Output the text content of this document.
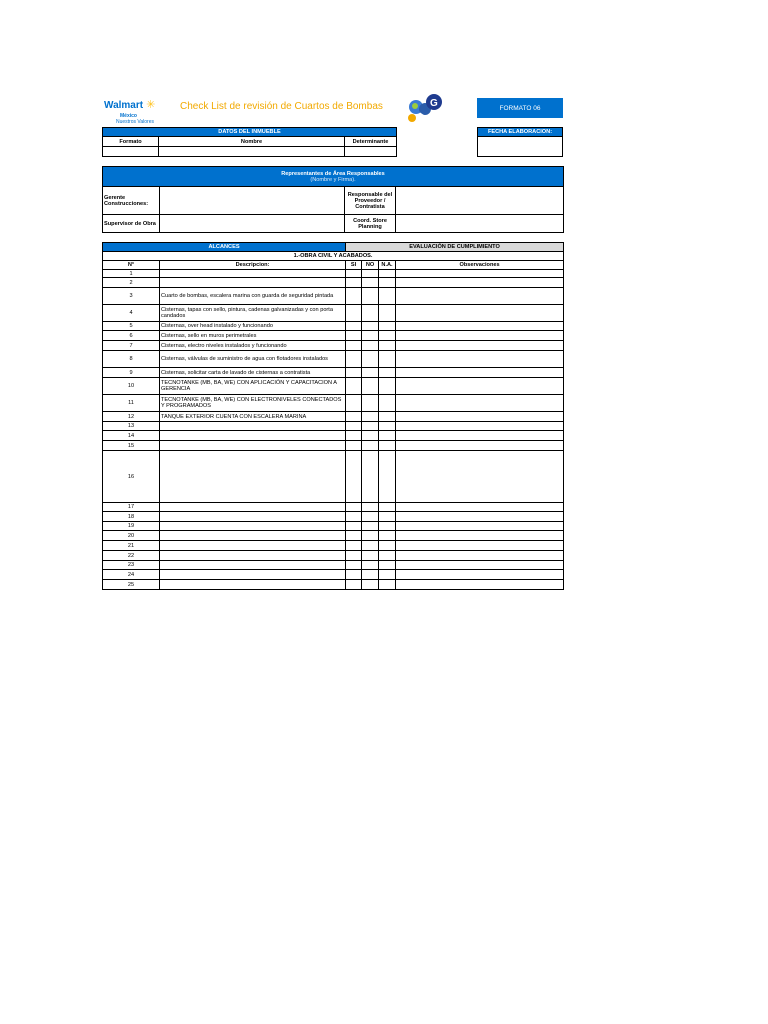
Walmart ✳
México
Nuestros Valores
Check List de revisión de Cuartos de Bombas	G	FORMATO 06
DATOS DEL INMUEBLE		
Formato	Nombre	Determinante

FECHA ELABORACION:

Representantes de Área Responsables
(Nombre y Firma).			

Gerente Construcciones:		Responsable del Proveedor / Contratista	
Supervisor de Obra		Coord. Store Planning	
ALCANCES		EVALUACIÓN DE CUMPLIMIENTO			
1.-OBRA CIVIL Y ACABADOS.					
N°	Descripcion:	SI	NO	N.A.	Observaciones
1					
2					
3	Cuarto de bombas, escalera marina con guarda de seguridad pintada				
4	Cisternas, tapas con sello, pintura, cadenas galvanizadas y con porta candados				
5	Cisternas, over head instalado y funcionando				
6	Cisternas, sello en muros perimetrales				
7	Cisternas, electro niveles instalados y funcionando				
8	Cisternas, válvulas de suministro de agua con flotadores instalados				
9	Cisternas, solicitar carta de lavado de cisternas a contratista				
10	TECNOTANKE (MB, BA, WE) CON APLICACIÓN Y CAPACITACION A GERENCIA				
11	TECNOTANKE (MB, BA, WE) CON ELECTRONIVELES CONECTADOS Y PROGRAMADOS				
12	TANQUE EXTERIOR CUENTA CON ESCALERA MARINA				
13					
14					
15					
16					
17					
18					
19					
20					
21					
22					
23					
24					
25					
